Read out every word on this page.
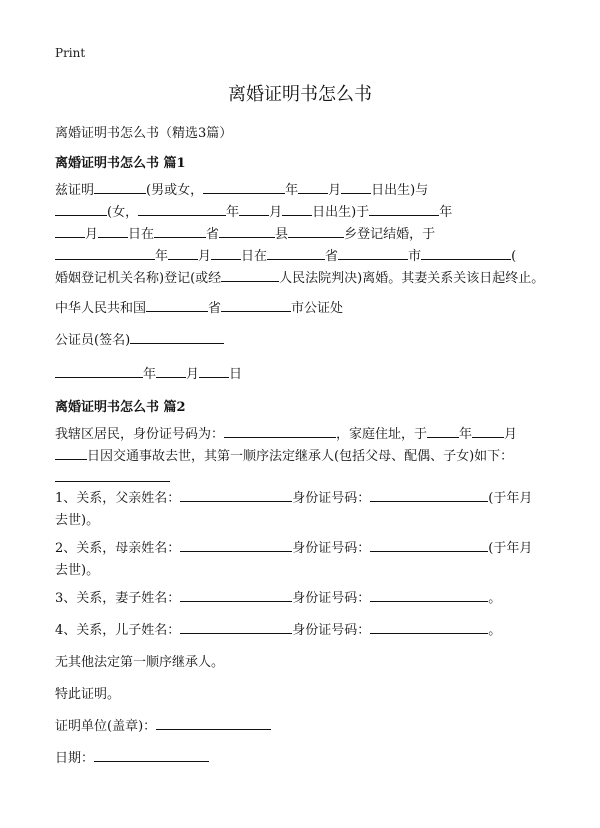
Print
离婚证明书怎么书
离婚证明书怎么书（精选3篇）
离婚证明书怎么书 篇1
兹证明	(男或女，	年 月 日出生)与
(女，	年 月 日出生)于	年
月 日在	省	县	乡登记结婚，于
年 月 日在	省	市	(
婚姻登记机关名称)登记(或经	人民法院判决)离婚。其妻关系关该日起终止。
中华人民共和国	省	市公证处
公证员(签名)
年 月 日
离婚证明书怎么书 篇2
我辖区居民，身份证号码为：	，家庭住址，于 年 月
日因交通事故去世，其第一顺序法定继承人(包括父母、配偶、子女)如下：

1、关系，父亲姓名：	身份证号码：	(于年月
去世)。
2、关系，母亲姓名：	身份证号码：	(于年月
去世)。
3、关系，妻子姓名：	身份证号码：	。
4、关系，儿子姓名：	身份证号码：	。
无其他法定第一顺序继承人。
特此证明。
证明单位(盖章)：
日期：
